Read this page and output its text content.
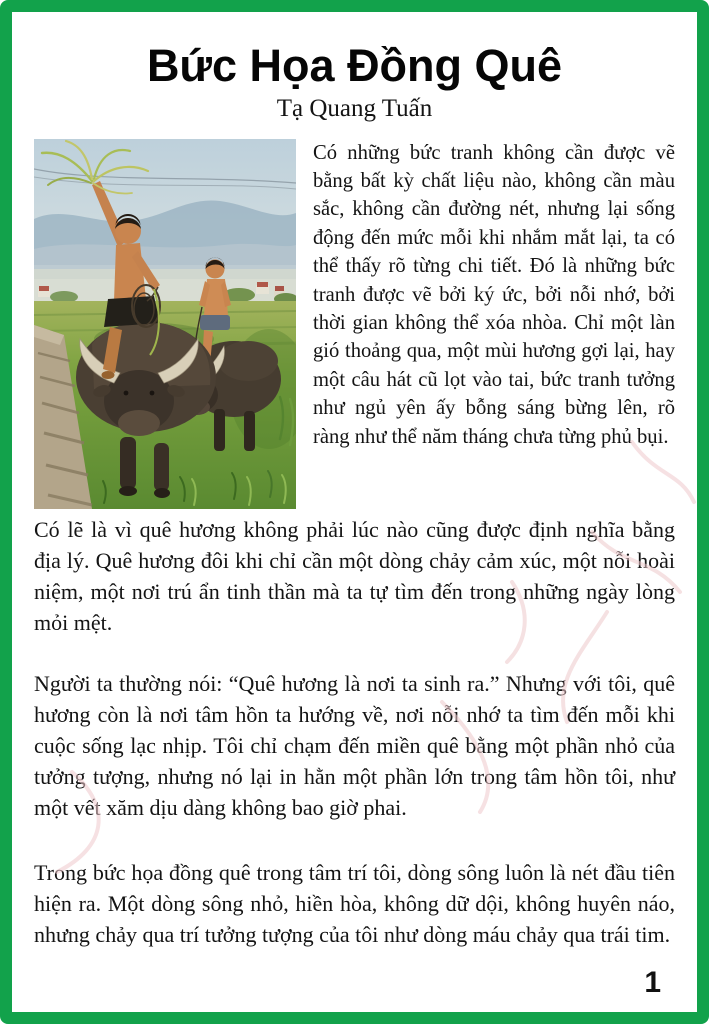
Bức Họa Đồng Quê
Tạ Quang Tuấn

Có những bức tranh không cần được vẽ bằng bất kỳ chất liệu nào, không cần màu sắc, không cần đường nét, nhưng lại sống động đến mức mỗi khi nhắm mắt lại, ta có thể thấy rõ từng chi tiết. Đó là những bức tranh được vẽ bởi ký ức, bởi nỗi nhớ, bởi thời gian không thể xóa nhòa. Chỉ một làn gió thoảng qua, một mùi hương gợi lại, hay một câu hát cũ lọt vào tai, bức tranh tưởng như ngủ yên ấy bỗng sáng bừng lên, rõ ràng như thể năm tháng chưa từng phủ bụi.

Có lẽ là vì quê hương không phải lúc nào cũng được định nghĩa bằng địa lý. Quê hương đôi khi chỉ cần một dòng chảy cảm xúc, một nỗi hoài niệm, một nơi trú ẩn tinh thần mà ta tự tìm đến trong những ngày lòng mỏi mệt.

Người ta thường nói: “Quê hương là nơi ta sinh ra.” Nhưng với tôi, quê hương còn là nơi tâm hồn ta hướng về, nơi nỗi nhớ ta tìm đến mỗi khi cuộc sống lạc nhịp. Tôi chỉ chạm đến miền quê bằng một phần nhỏ của tưởng tượng, nhưng nó lại in hằn một phần lớn trong tâm hồn tôi, như một vết xăm dịu dàng không bao giờ phai.

Trong bức họa đồng quê trong tâm trí tôi, dòng sông luôn là nét đầu tiên hiện ra. Một dòng sông nhỏ, hiền hòa, không dữ dội, không huyên náo, nhưng chảy qua trí tưởng tượng của tôi như dòng máu chảy qua trái tim.

1
